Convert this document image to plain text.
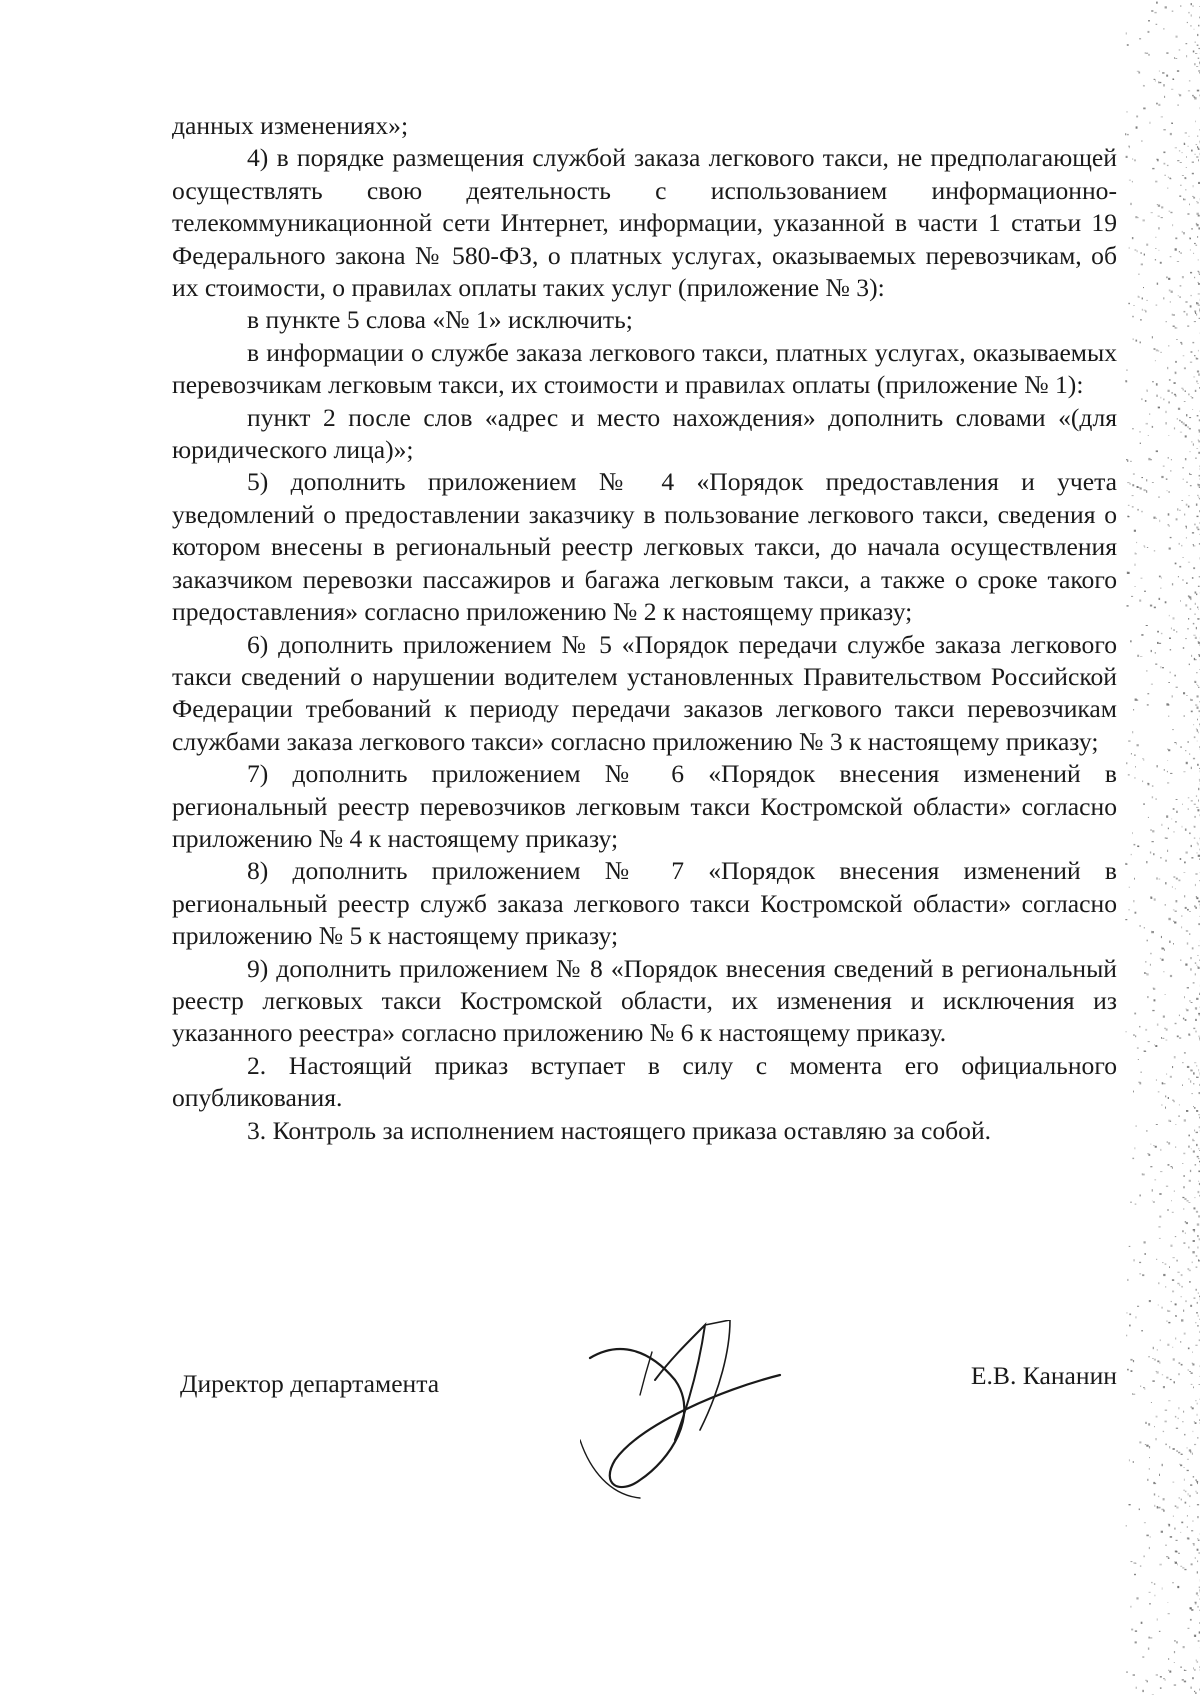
данных изменениях»;

4) в порядке размещения службой заказа легкового такси, не предполагающей осуществлять свою деятельность с использованием информационно-телекоммуникационной сети Интернет, информации, указанной в части 1 статьи 19 Федерального закона № 580-ФЗ, о платных услугах, оказываемых перевозчикам, об их стоимости, о правилах оплаты таких услуг (приложение № 3):

в пункте 5 слова «№ 1» исключить;

в информации о службе заказа легкового такси, платных услугах, оказываемых перевозчикам легковым такси, их стоимости и правилах оплаты (приложение № 1):

пункт 2 после слов «адрес и место нахождения» дополнить словами «(для юридического лица)»;

5) дополнить приложением № 4 «Порядок предоставления и учета уведомлений о предоставлении заказчику в пользование легкового такси, сведения о котором внесены в региональный реестр легковых такси, до начала осуществления заказчиком перевозки пассажиров и багажа легковым такси, а также о сроке такого предоставления» согласно приложению № 2 к настоящему приказу;

6) дополнить приложением № 5 «Порядок передачи службе заказа легкового такси сведений о нарушении водителем установленных Правительством Российской Федерации требований к периоду передачи заказов легкового такси перевозчикам службами заказа легкового такси» согласно приложению № 3 к настоящему приказу;

7) дополнить приложением № 6 «Порядок внесения изменений в региональный реестр перевозчиков легковым такси Костромской области» согласно приложению № 4 к настоящему приказу;

8) дополнить приложением № 7 «Порядок внесения изменений в региональный реестр служб заказа легкового такси Костромской области» согласно приложению № 5 к настоящему приказу;

9) дополнить приложением № 8 «Порядок внесения сведений в региональный реестр легковых такси Костромской области, их изменения и исключения из указанного реестра» согласно приложению № 6 к настоящему приказу.

2. Настоящий приказ вступает в силу с момента его официального опубликования.

3. Контроль за исполнением настоящего приказа оставляю за собой.

Директор департамента	Е.В. Кананин
